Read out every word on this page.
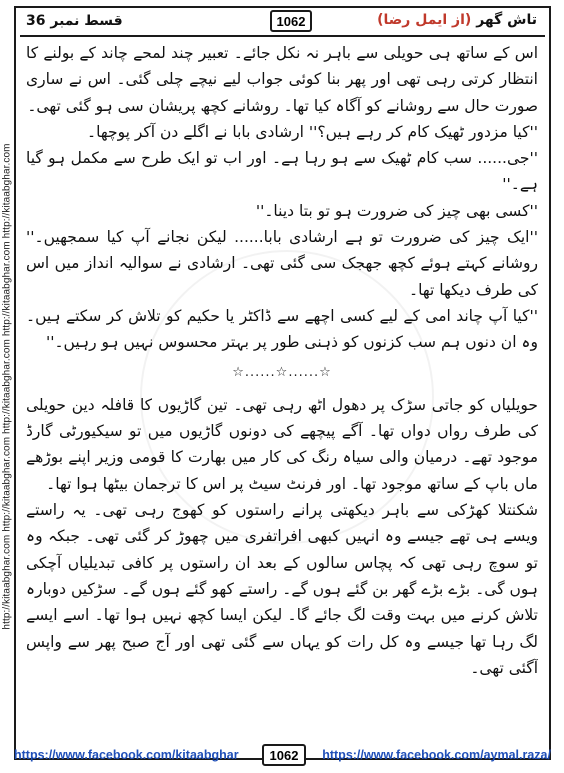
http://kitaabghar.com http://kitaabghar.com http://kitaabghar.com http://kitaabghar.com http://kitaabghar.com
قسط نمبر 36	1062	تاش گھر (از ایمل رضا)

اس کے ساتھ ہی حویلی سے باہر نہ نکل جائے۔ تعبیر چند لمحے چاند کے بولنے کا انتظار کرتی رہی تھی اور پھر بنا کوئی جواب لیے نیچے چلی گئی۔ اس نے ساری صورت حال سے روشانے کو آگاہ کیا تھا۔ روشانے کچھ پریشان سی ہو گئی تھی۔

''کیا مزدور ٹھیک کام کر رہے ہیں؟'' ارشادی بابا نے اگلے دن آکر پوچھا۔

''جی...... سب کام ٹھیک سے ہو رہا ہے۔ اور اب تو ایک طرح سے مکمل ہو گیا ہے۔''

''کسی بھی چیز کی ضرورت ہو تو بتا دینا۔''

''ایک چیز کی ضرورت تو ہے ارشادی بابا...... لیکن نجانے آپ کیا سمجھیں۔'' روشانے کہتے ہوئے کچھ جھجک سی گئی تھی۔ ارشادی نے سوالیہ انداز میں اس کی طرف دیکھا تھا۔

''کیا آپ چاند امی کے لیے کسی اچھے سے ڈاکٹر یا حکیم کو تلاش کر سکتے ہیں۔ وہ ان دنوں ہم سب کزنوں کو ذہنی طور پر بہتر محسوس نہیں ہو رہیں۔''

☆......☆......☆

حویلیاں کو جاتی سڑک پر دھول اٹھ رہی تھی۔ تین گاڑیوں کا قافلہ دین حویلی کی طرف رواں دواں تھا۔ آگے پیچھے کی دونوں گاڑیوں میں تو سیکیورٹی گارڈ موجود تھے۔ درمیان والی سیاہ رنگ کی کار میں بھارت کا قومی وزیر اپنے بوڑھے ماں باپ کے ساتھ موجود تھا۔ اور فرنٹ سیٹ پر اس کا ترجمان بیٹھا ہوا تھا۔

شکنتلا کھڑکی سے باہر دیکھتی پرانے راستوں کو کھوج رہی تھی۔ یہ راستے ویسے ہی تھے جیسے وہ انہیں کبھی افراتفری میں چھوڑ کر گئی تھی۔ جبکہ وہ تو سوچ رہی تھی کہ پچاس سالوں کے بعد ان راستوں پر کافی تبدیلیاں آچکی ہوں گی۔ بڑے بڑے گھر بن گئے ہوں گے۔ راستے کھو گئے ہوں گے۔ سڑکیں دوبارہ تلاش کرنے میں بہت وقت لگ جائے گا۔ لیکن ایسا کچھ نہیں ہوا تھا۔ اسے ایسے لگ رہا تھا جیسے وہ کل رات کو یہاں سے گئی تھی اور آج صبح پھر سے واپس آگئی تھی۔

https://www.facebook.com/kitaabghar	1062	https://www.facebook.com/aymal.raza/
